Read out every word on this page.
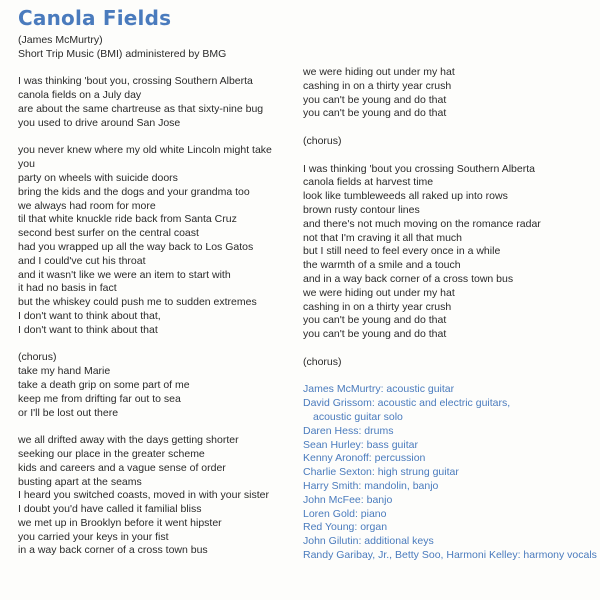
Canola Fields
(James McMurtry)
Short Trip Music (BMI) administered by BMG
I was thinking 'bout you, crossing Southern Alberta
canola fields on a July day
are about the same chartreuse as that sixty-nine bug
you used to drive around San Jose
you never knew where my old white Lincoln might take
you
party on wheels with suicide doors
bring the kids and the dogs and your grandma too
we always had room for more
til that white knuckle ride back from Santa Cruz
second best surfer on the central coast
had you wrapped up all the way back to Los Gatos
and I could've cut his throat
and it wasn't like we were an item to start with
it had no basis in fact
but the whiskey could push me to sudden extremes
I don't want to think about that,
I don't want to think about that
(chorus)
take my hand Marie
take a death grip on some part of me
keep me from drifting far out to sea
or I'll be lost out there
we all drifted away with the days getting shorter
seeking our place in the greater scheme
kids and careers and a vague sense of order
busting apart at the seams
I heard you switched coasts, moved in with your sister
I doubt you'd have called it familial bliss
we met up in Brooklyn before it went hipster
you carried your keys in your fist
in a way back corner of a cross town bus
we were hiding out under my hat
cashing in on a thirty year crush
you can't be young and do that
you can't be young and do that
(chorus)
I was thinking 'bout you crossing Southern Alberta
canola fields at harvest time
look like tumbleweeds all raked up into rows
brown rusty contour lines
and there's not much moving on the romance radar
not that I'm craving it all that much
but I still need to feel every once in a while
the warmth of a smile and a touch
and in a way back corner of a cross town bus
we were hiding out under my hat
cashing in on a thirty year crush
you can't be young and do that
you can't be young and do that
(chorus)
James McMurtry: acoustic guitar
David Grissom: acoustic and electric guitars,
acoustic guitar solo
Daren Hess: drums
Sean Hurley: bass guitar
Kenny Aronoff: percussion
Charlie Sexton: high strung guitar
Harry Smith: mandolin, banjo
John McFee: banjo
Loren Gold: piano
Red Young: organ
John Gilutin: additional keys
Randy Garibay, Jr., Betty Soo, Harmoni Kelley: harmony vocals
